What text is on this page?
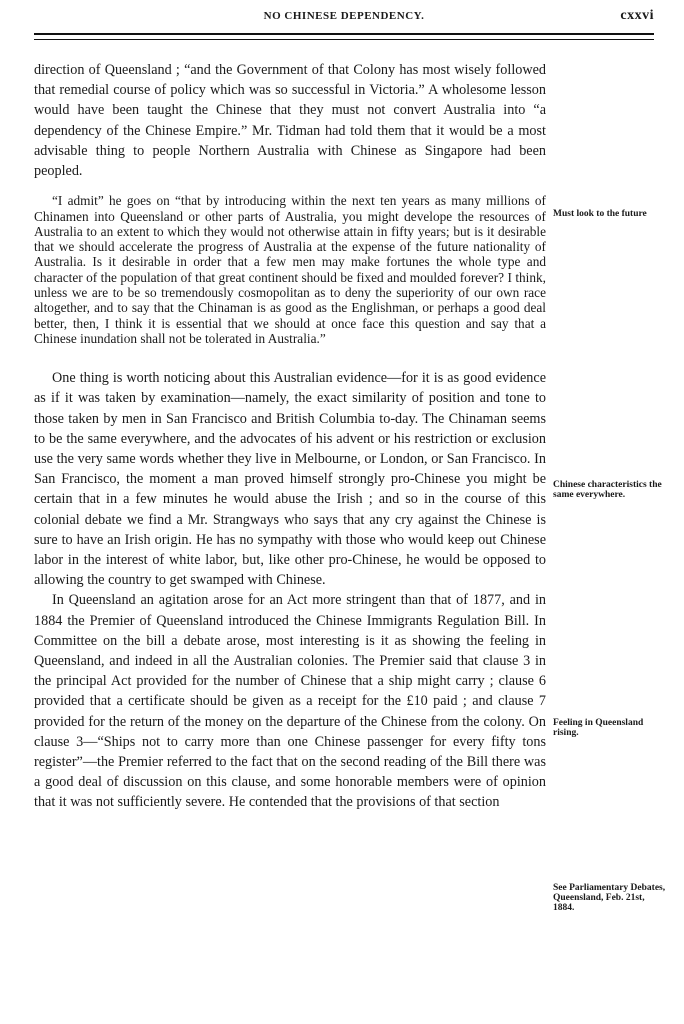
NO CHINESE DEPENDENCY.	cxxvi

direction of Queensland ; “and the Government of that Colony has most wisely followed that remedial course of policy which was so successful in Victoria.” A wholesome lesson would have been taught the Chinese that they must not convert Australia into “a dependency of the Chinese Empire.” Mr. Tidman had told them that it would be a most advisable thing to people Northern Australia with Chinese as Singapore had been peopled.

“I admit” he goes on “that by introducing within the next ten years as many millions of Chinamen into Queensland or other parts of Australia, you might develope the resources of Australia to an extent to which they would not otherwise attain in fifty years; but is it desirable that we should accelerate the progress of Australia at the expense of the future nationality of Australia. Is it desirable in order that a few men may make fortunes the whole type and character of the population of that great continent should be fixed and moulded forever? I think, unless we are to be so tremendously cosmopolitan as to deny the superiority of our own race altogether, and to say that the Chinaman is as good as the Englishman, or perhaps a good deal better, then, I think it is essential that we should at once face this question and say that a Chinese inundation shall not be tolerated in Australia.”

One thing is worth noticing about this Australian evidence—for it is as good evidence as if it was taken by examination—namely, the exact similarity of position and tone to those taken by men in San Francisco and British Columbia to-day. The Chinaman seems to be the same everywhere, and the advocates of his advent or his restriction or exclusion use the very same words whether they live in Melbourne, or London, or San Francisco. In San Francisco, the moment a man proved himself strongly pro-Chinese you might be certain that in a few minutes he would abuse the Irish ; and so in the course of this colonial debate we find a Mr. Strangways who says that any cry against the Chinese is sure to have an Irish origin. He has no sympathy with those who would keep out Chinese labor in the interest of white labor, but, like other pro-Chinese, he would be opposed to allowing the country to get swamped with Chinese.

In Queensland an agitation arose for an Act more stringent than that of 1877, and in 1884 the Premier of Queensland introduced the Chinese Immigrants Regulation Bill. In Committee on the bill a debate arose, most interesting is it as showing the feeling in Queensland, and indeed in all the Australian colonies. The Premier said that clause 3 in the principal Act provided for the number of Chinese that a ship might carry ; clause 6 provided that a certificate should be given as a receipt for the £10 paid ; and clause 7 provided for the return of the money on the departure of the Chinese from the colony. On clause 3—“Ships not to carry more than one Chinese passenger for every fifty tons register”—the Premier referred to the fact that on the second reading of the Bill there was a good deal of discussion on this clause, and some honorable members were of opinion that it was not sufficiently severe. He contended that the provisions of that section

Must look to the future
Chinese characteristics the same everywhere.
Feeling in Queensland rising.
See Parliamentary Debates, Queensland, Feb. 21st, 1884.
